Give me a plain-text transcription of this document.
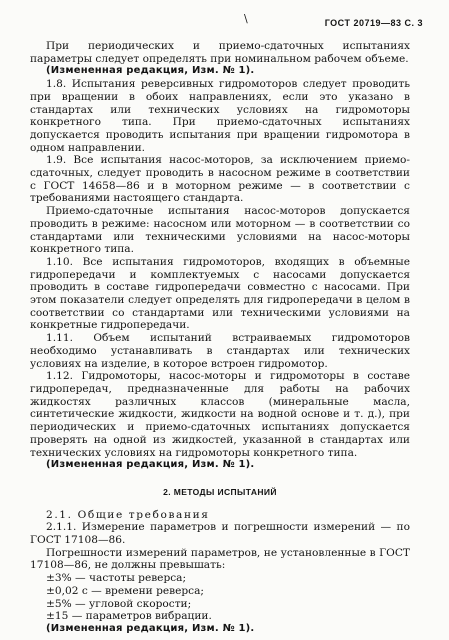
\	ГОСТ 20719—83 С. 3

При периодических и приемо-сдаточных испытаниях параметры следует определять при номинальном рабочем объеме.

(Измененная редакция, Изм. № 1).

1.8. Испытания реверсивных гидромоторов следует проводить при вращении в обоих направлениях, если это указано в стандартах или технических условиях на гидромоторы конкретного типа. При приемо-сдаточных испытаниях допускается проводить испытания при вращении гидромотора в одном направлении.

1.9. Все испытания насос-моторов, за исключением приемо-сдаточных, следует проводить в насосном режиме в соответствии с ГОСТ 14658—86 и в моторном режиме — в соответствии с требованиями настоящего стандарта.

Приемо-сдаточные испытания насос-моторов допускается проводить в режиме: насосном или моторном — в соответствии со стандартами или техническими условиями на насос-моторы конкретного типа.

1.10. Все испытания гидромоторов, входящих в объемные гидропередачи и комплектуемых с насосами допускается проводить в составе гидропередачи совместно с насосами. При этом показатели следует определять для гидропередачи в целом в соответствии со стандартами или техническими условиями на конкретные гидропередачи.

1.11. Объем испытаний встраиваемых гидромоторов необходимо устанавливать в стандартах или технических условиях на изделие, в которое встроен гидромотор.

1.12. Гидромоторы, насос-моторы и гидромоторы в составе гидропередач, предназначенные для работы на рабочих жидкостях различных классов (минеральные масла, синтетические жидкости, жидкости на водной основе и т. д.), при периодических и приемо-сдаточных испытаниях допускается проверять на одной из жидкостей, указанной в стандартах или технических условиях на гидромоторы конкретного типа.

(Измененная редакция, Изм. № 1).

2. МЕТОДЫ ИСПЫТАНИЙ

2.1. Общие требования

2.1.1. Измерение параметров и погрешности измерений — по ГОСТ 17108—86.

Погрешности измерений параметров, не установленные в ГОСТ 17108—86, не должны превышать:

±3% — частоты реверса;

±0,02 с — времени реверса;

±5% — угловой скорости;

±15 — параметров вибрации.

(Измененная редакция, Изм. № 1).
